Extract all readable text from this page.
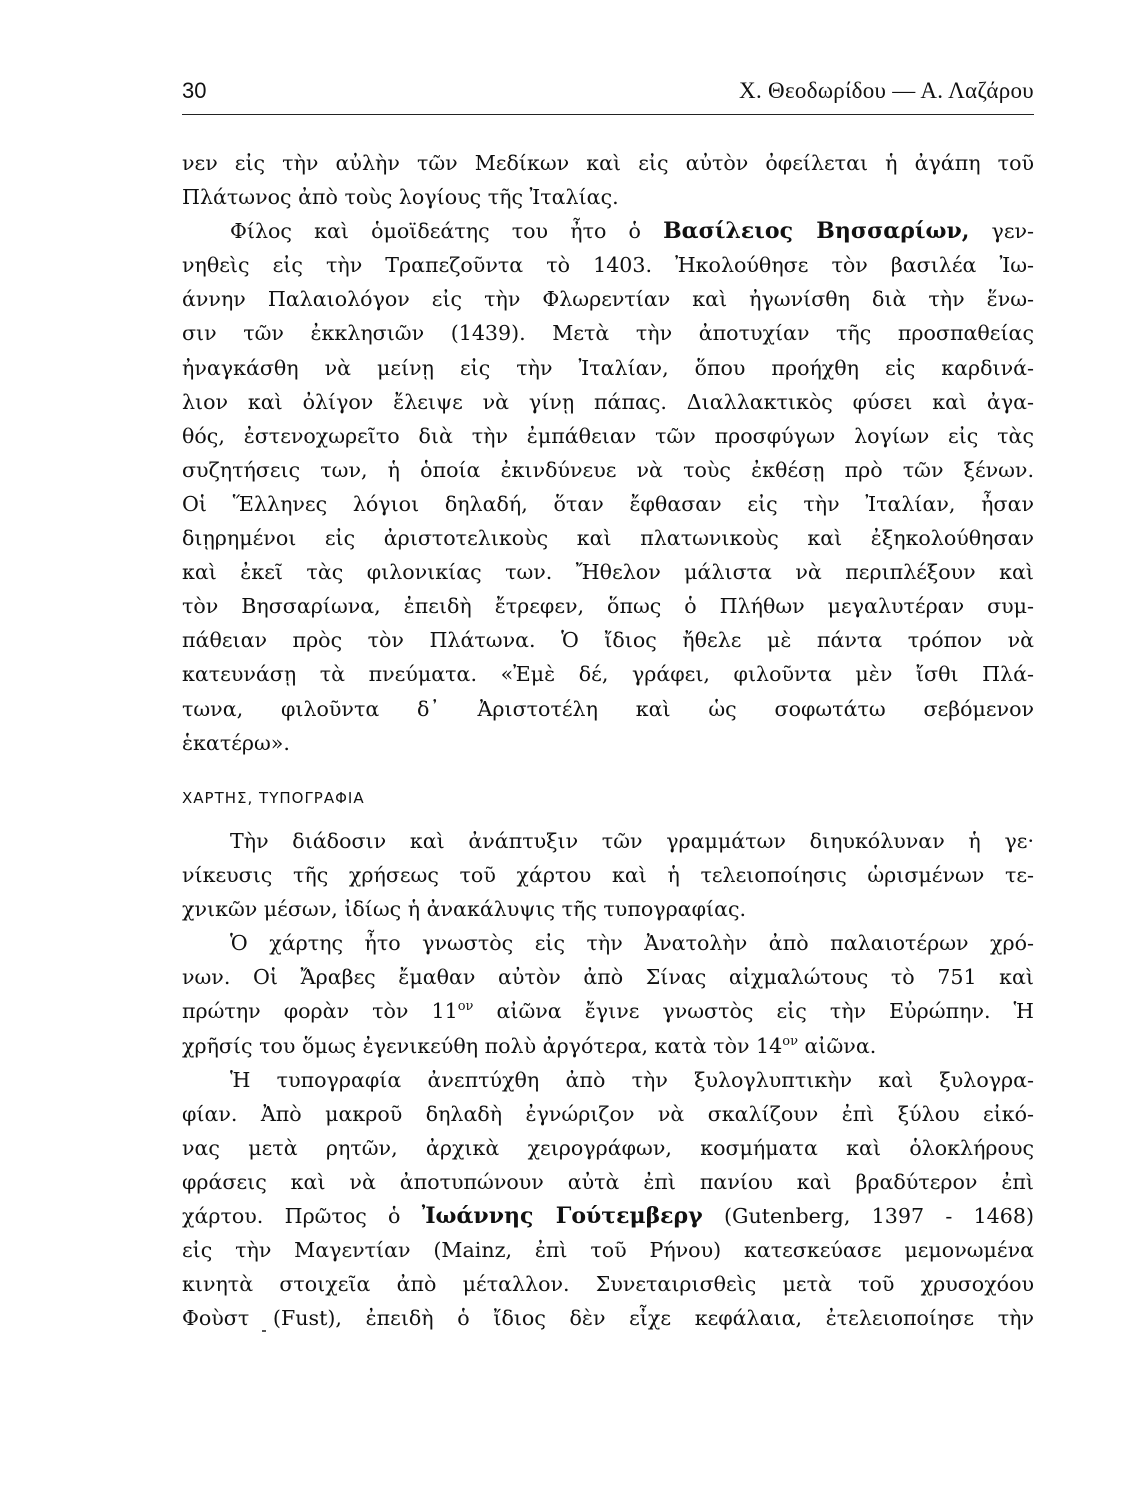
30	Χ. Θεοδωρίδου — Α. Λαζάρου
νεν εἰς τὴν αὐλὴν τῶν Μεδίκων καὶ εἰς αὐτὸν ὀφείλεται ἡ ἀγάπη τοῦ
Πλάτωνος ἀπὸ τοὺς λογίους τῆς Ἰταλίας.
Φίλος καὶ ὁμοϊδεάτης του ἦτο ὁ Βασίλειος Βησσαρίων, γεν-
νηθεὶς εἰς τὴν Τραπεζοῦντα τὸ 1403. Ἠκολούθησε τὸν βασιλέα Ἰω-
άννην Παλαιολόγον εἰς τὴν Φλωρεντίαν καὶ ἠγωνίσθη διὰ τὴν ἕνω-
σιν τῶν ἐκκλησιῶν (1439). Μετὰ τὴν ἀποτυχίαν τῆς προσπαθείας
ἠναγκάσθη νὰ μείνῃ εἰς τὴν Ἰταλίαν, ὅπου προήχθη εἰς καρδινά-
λιον καὶ ὀλίγον ἔλειψε νὰ γίνῃ πάπας. Διαλλακτικὸς φύσει καὶ ἀγα-
θός, ἐστενοχωρεῖτο διὰ τὴν ἐμπάθειαν τῶν προσφύγων λογίων εἰς τὰς
συζητήσεις των, ἡ ὁποία ἐκινδύνευε νὰ τοὺς ἐκθέσῃ πρὸ τῶν ξένων.
Οἱ Ἕλληνες λόγιοι δηλαδή, ὅταν ἔφθασαν εἰς τὴν Ἰταλίαν, ἦσαν
διῃρημένοι εἰς ἀριστοτελικοὺς καὶ πλατωνικοὺς καὶ ἐξηκολούθησαν
καὶ ἐκεῖ τὰς φιλονικίας των. Ἤθελον μάλιστα νὰ περιπλέξουν καὶ
τὸν Βησσαρίωνα, ἐπειδὴ ἔτρεφεν, ὅπως ὁ Πλήθων μεγαλυτέραν συμ-
πάθειαν πρὸς τὸν Πλάτωνα. Ὁ ἴδιος ἤθελε μὲ πάντα τρόπον νὰ
κατευνάσῃ τὰ πνεύματα. «Ἐμὲ δέ, γράφει, φιλοῦντα μὲν ἴσθι Πλά-
τωνα, φιλοῦντα δ᾽ Ἀριστοτέλη καὶ ὡς σοφωτάτω σεβόμενον
ἑκατέρω».
ΧΑΡΤΗΣ, ΤΥΠΟΓΡΑΦΙΑ
Τὴν διάδοσιν καὶ ἀνάπτυξιν τῶν γραμμάτων διηυκόλυναν ἡ γε·
νίκευσις τῆς χρήσεως τοῦ χάρτου καὶ ἡ τελειοποίησις ὡρισμένων τε-
χνικῶν μέσων, ἰδίως ἡ ἀνακάλυψις τῆς τυπογραφίας.
Ὁ χάρτης ἦτο γνωστὸς εἰς τὴν Ἀνατολὴν ἀπὸ παλαιοτέρων χρό-
νων. Οἱ Ἄραβες ἔμαθαν αὐτὸν ἀπὸ Σίνας αἰχμαλώτους τὸ 751 καὶ
πρώτην φορὰν τὸν $11^{o\nu}$ αἰῶνα ἔγινε γνωστὸς εἰς τὴν Εὐρώπην. Ἡ
χρῆσίς του ὅμως ἐγενικεύθη πολὺ ἀργότερα, κατὰ τὸν $14^{o\nu}$ αἰῶνα.
Ἡ τυπογραφία ἀνεπτύχθη ἀπὸ τὴν ξυλογλυπτικὴν καὶ ξυλογρα-
φίαν. Ἀπὸ μακροῦ δηλαδὴ ἐγνώριζον νὰ σκαλίζουν ἐπὶ ξύλου εἰκό-
νας μετὰ ρητῶν, ἀρχικὰ χειρογράφων, κοσμήματα καὶ ὁλοκλήρους
φράσεις καὶ νὰ ἀποτυπώνουν αὐτὰ ἐπὶ πανίου καὶ βραδύτερον ἐπὶ
χάρτου. Πρῶτος ὁ Ἰωάννης Γούτεμβεργ (Gutenberg, 1397 - 1468)
εἰς τὴν Μαγεντίαν (Mainz, ἐπὶ τοῦ Ρήνου) κατεσκεύασε μεμονωμένα
κινητὰ στοιχεῖα ἀπὸ μέταλλον. Συνεταιρισθεὶς μετὰ τοῦ χρυσοχόου
Φοὺστ (Fust), ἐπειδὴ ὁ ἴδιος δὲν εἶχε κεφάλαια, ἐτελειοποίησε τὴν
